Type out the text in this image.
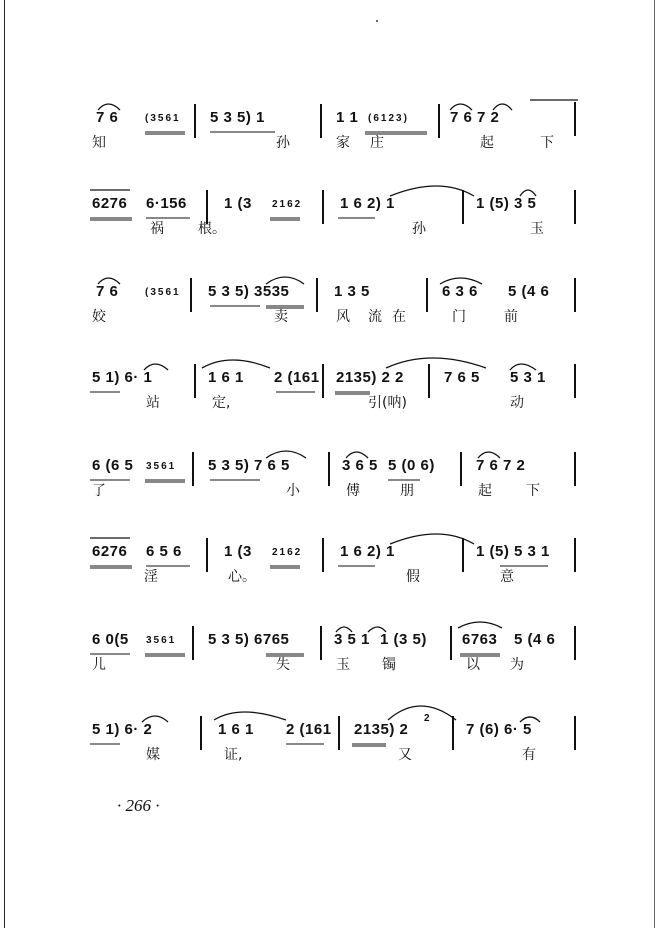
7 6	(3561 5 3 5) 1	1 1 (6123)	7 6 7 2
知	孙	家 庄	起	下
6276 6·156 1 (3 2162	1 6 2) 1	1 (5) 3 5
祸 根。	孙	玉
7 6	(3561 5 3 5) 3535	1 3 5	6 3 6 5 (4 6
姣	卖	风 流 在	门	前
5 1) 6· 1	1 6 1 2 (161 2135) 2 2	7 6 5 5 3 1
站	定,	引(呐)	动
6 (6 5 3561 5 3 5) 7 6 5	3 6 5 5 (0 6)	7 6 7 2
了	小	傅	朋	起 下
6276 6 5 6	1 (3 2162	1 6 2) 1	1 (5) 5 3 1
淫	心。	假	意
6 0(5 3561 5 3 5) 6765	3 5 1 1 (3 5) 6763 5 (4 6
儿	失	玉 镯	以 为
5 1) 6· 2	1 6 1 2 (161 2135) 2
2
7 (6) 6· 5
媒	证,	又	有
· 266 ·
